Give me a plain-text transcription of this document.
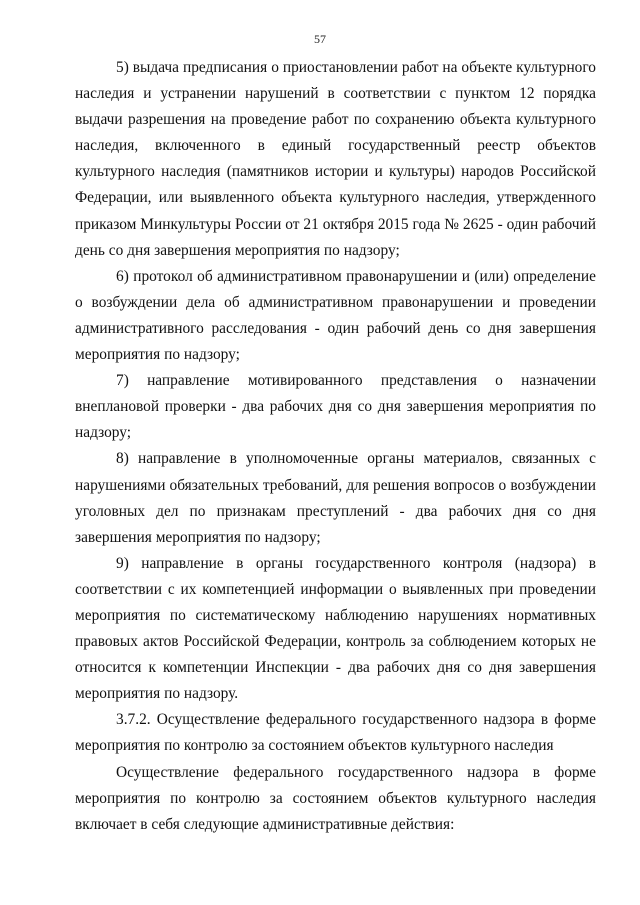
57

5) выдача предписания о приостановлении работ на объекте культурного наследия и устранении нарушений в соответствии с пунктом 12 порядка выдачи разрешения на проведение работ по сохранению объекта культурного наследия, включенного в единый государственный реестр объектов культурного наследия (памятников истории и культуры) народов Российской Федерации, или выявленного объекта культурного наследия, утвержденного приказом Минкультуры России от 21 октября 2015 года № 2625 - один рабочий день со дня завершения мероприятия по надзору;

6) протокол об административном правонарушении и (или) определение о возбуждении дела об административном правонарушении и проведении административного расследования - один рабочий день со дня завершения мероприятия по надзору;

7) направление мотивированного представления о назначении внеплановой проверки - два рабочих дня со дня завершения мероприятия по надзору;

8) направление в уполномоченные органы материалов, связанных с нарушениями обязательных требований, для решения вопросов о возбуждении уголовных дел по признакам преступлений - два рабочих дня со дня завершения мероприятия по надзору;

9) направление в органы государственного контроля (надзора) в соответствии с их компетенцией информации о выявленных при проведении мероприятия по систематическому наблюдению нарушениях нормативных правовых актов Российской Федерации, контроль за соблюдением которых не относится к компетенции Инспекции - два рабочих дня со дня завершения мероприятия по надзору.

3.7.2. Осуществление федерального государственного надзора в форме мероприятия по контролю за состоянием объектов культурного наследия

Осуществление федерального государственного надзора в форме мероприятия по контролю за состоянием объектов культурного наследия включает в себя следующие административные действия:
